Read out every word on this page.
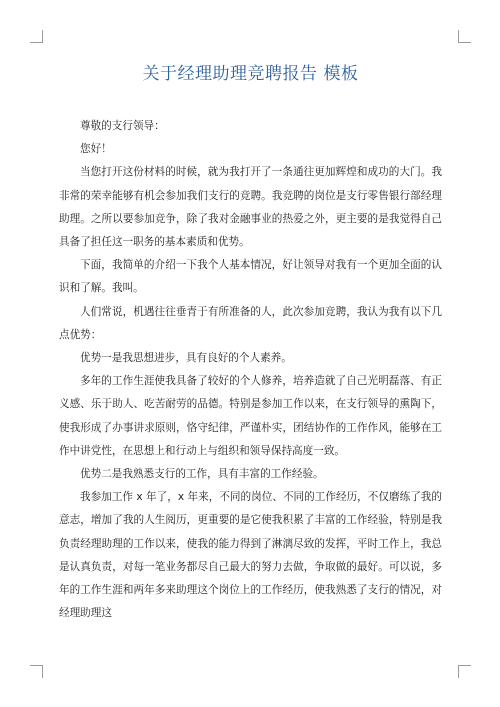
关于经理助理竞聘报告 模板

尊敬的支行领导：

您好！

当您打开这份材料的时候，就为我打开了一条通往更加辉煌和成功的大门。我非常的荣幸能够有机会参加我们支行的竞聘。我竞聘的岗位是支行零售银行部经理助理。之所以要参加竞争，除了我对金融事业的热爱之外，更主要的是我觉得自己具备了担任这一职务的基本素质和优势。

下面，我简单的介绍一下我个人基本情况，好让领导对我有一个更加全面的认识和了解。我叫。

人们常说，机遇往往垂青于有所准备的人，此次参加竞聘，我认为我有以下几点优势：

优势一是我思想进步，具有良好的个人素养。

多年的工作生涯使我具备了较好的个人修养，培养造就了自己光明磊落、有正义感、乐于助人、吃苦耐劳的品德。特别是参加工作以来，在支行领导的熏陶下，使我形成了办事讲求原则，恪守纪律，严谨朴实，团结协作的工作作风，能够在工作中讲党性，在思想上和行动上与组织和领导保持高度一致。

优势二是我熟悉支行的工作，具有丰富的工作经验。

我参加工作 x 年了，x 年来，不同的岗位、不同的工作经历，不仅磨练了我的意志，增加了我的人生阅历，更重要的是它使我积累了丰富的工作经验，特别是我负责经理助理的工作以来，使我的能力得到了淋漓尽致的发挥，平时工作上，我总是认真负责，对每一笔业务都尽自己最大的努力去做，争取做的最好。可以说，多年的工作生涯和两年多来助理这个岗位上的工作经历，使我熟悉了支行的情况，对经理助理这
